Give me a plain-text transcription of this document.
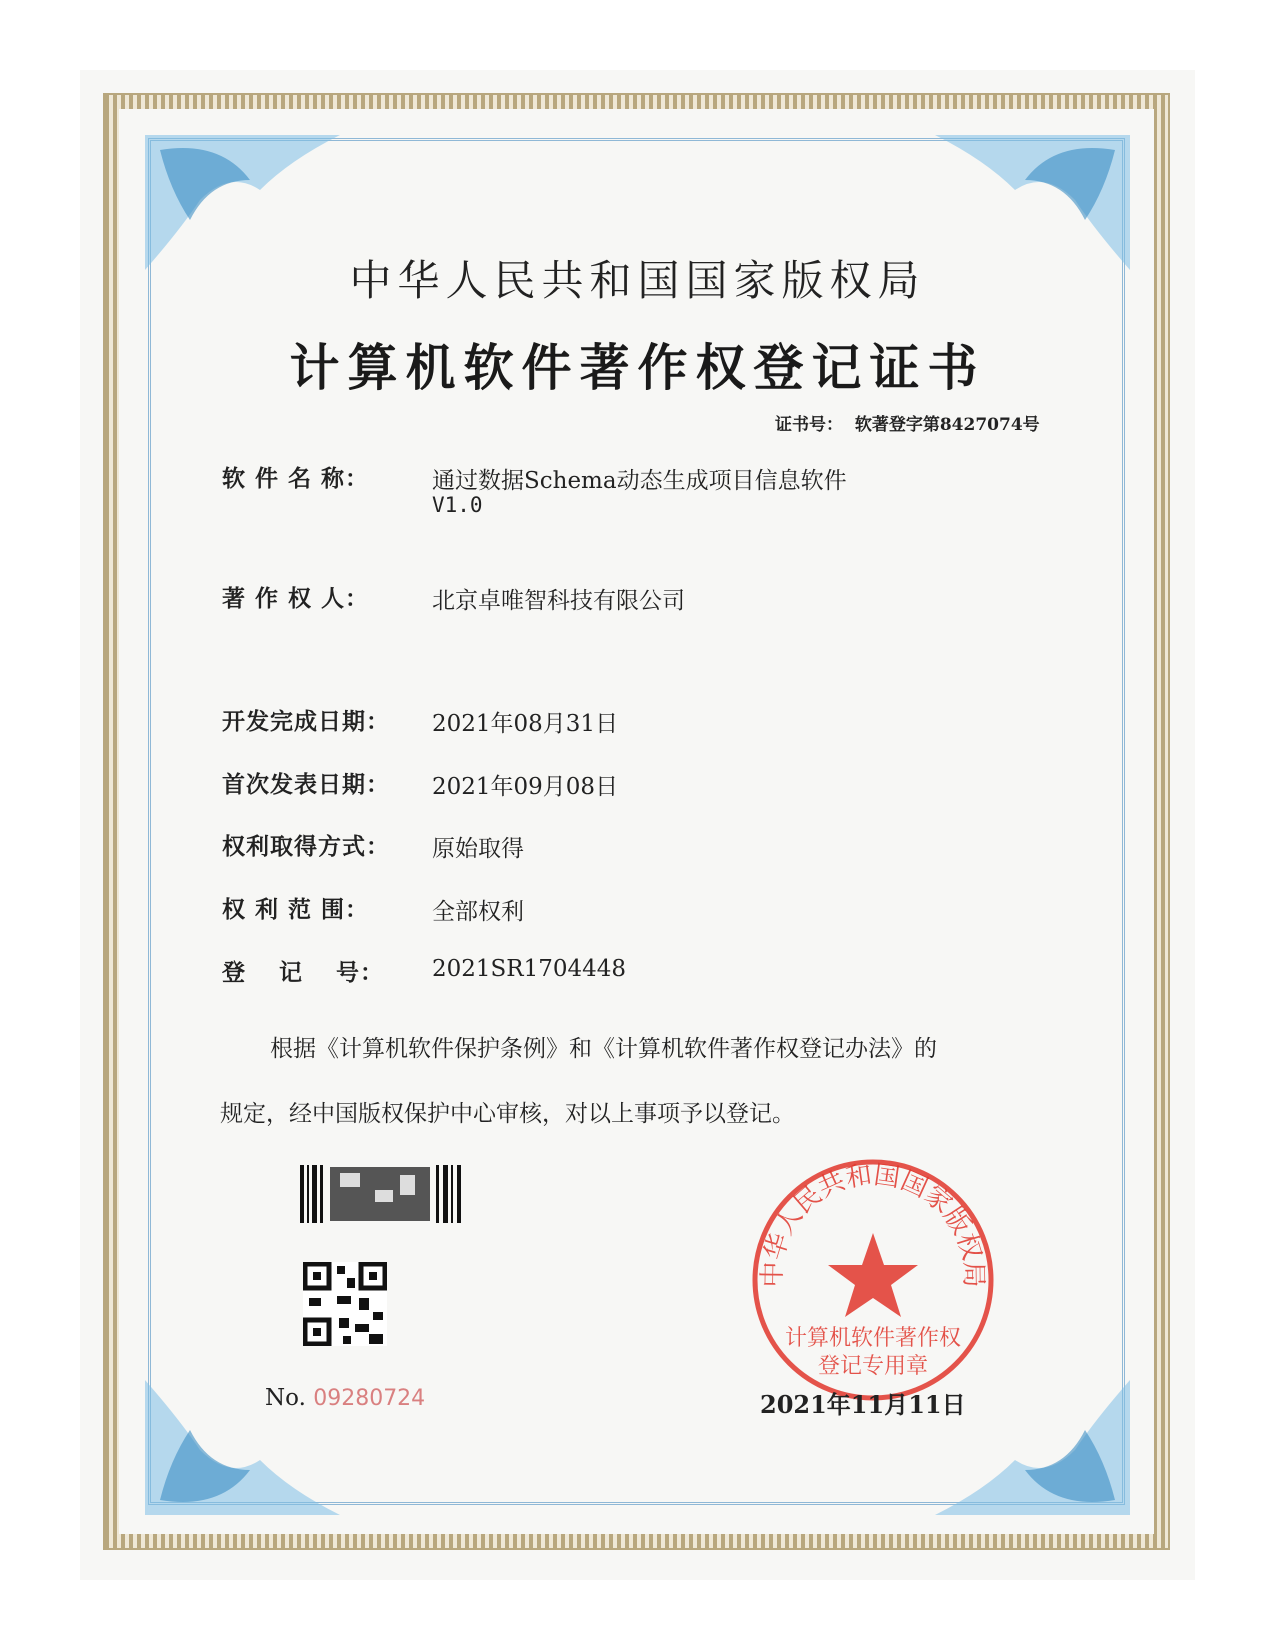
中华人民共和国国家版权局
计算机软件著作权登记证书
证书号： 软著登字第8427074号
软 件 名 称：	通过数据Schema动态生成项目信息软件
V1.0
著 作 权 人：	北京卓唯智科技有限公司
开发完成日期： 2021年08月31日
首次发表日期： 2021年09月08日
权利取得方式： 原始取得
权 利 范 围：	全部权利
登　 记　 号： 2021SR1704448
根据《计算机软件保护条例》和《计算机软件著作权登记办法》的
规定，经中国版权保护中心审核，对以上事项予以登记。
No. 09280724
中华人民共和国国家版权局
计算机软件著作权
登记专用章
2021年11月11日
